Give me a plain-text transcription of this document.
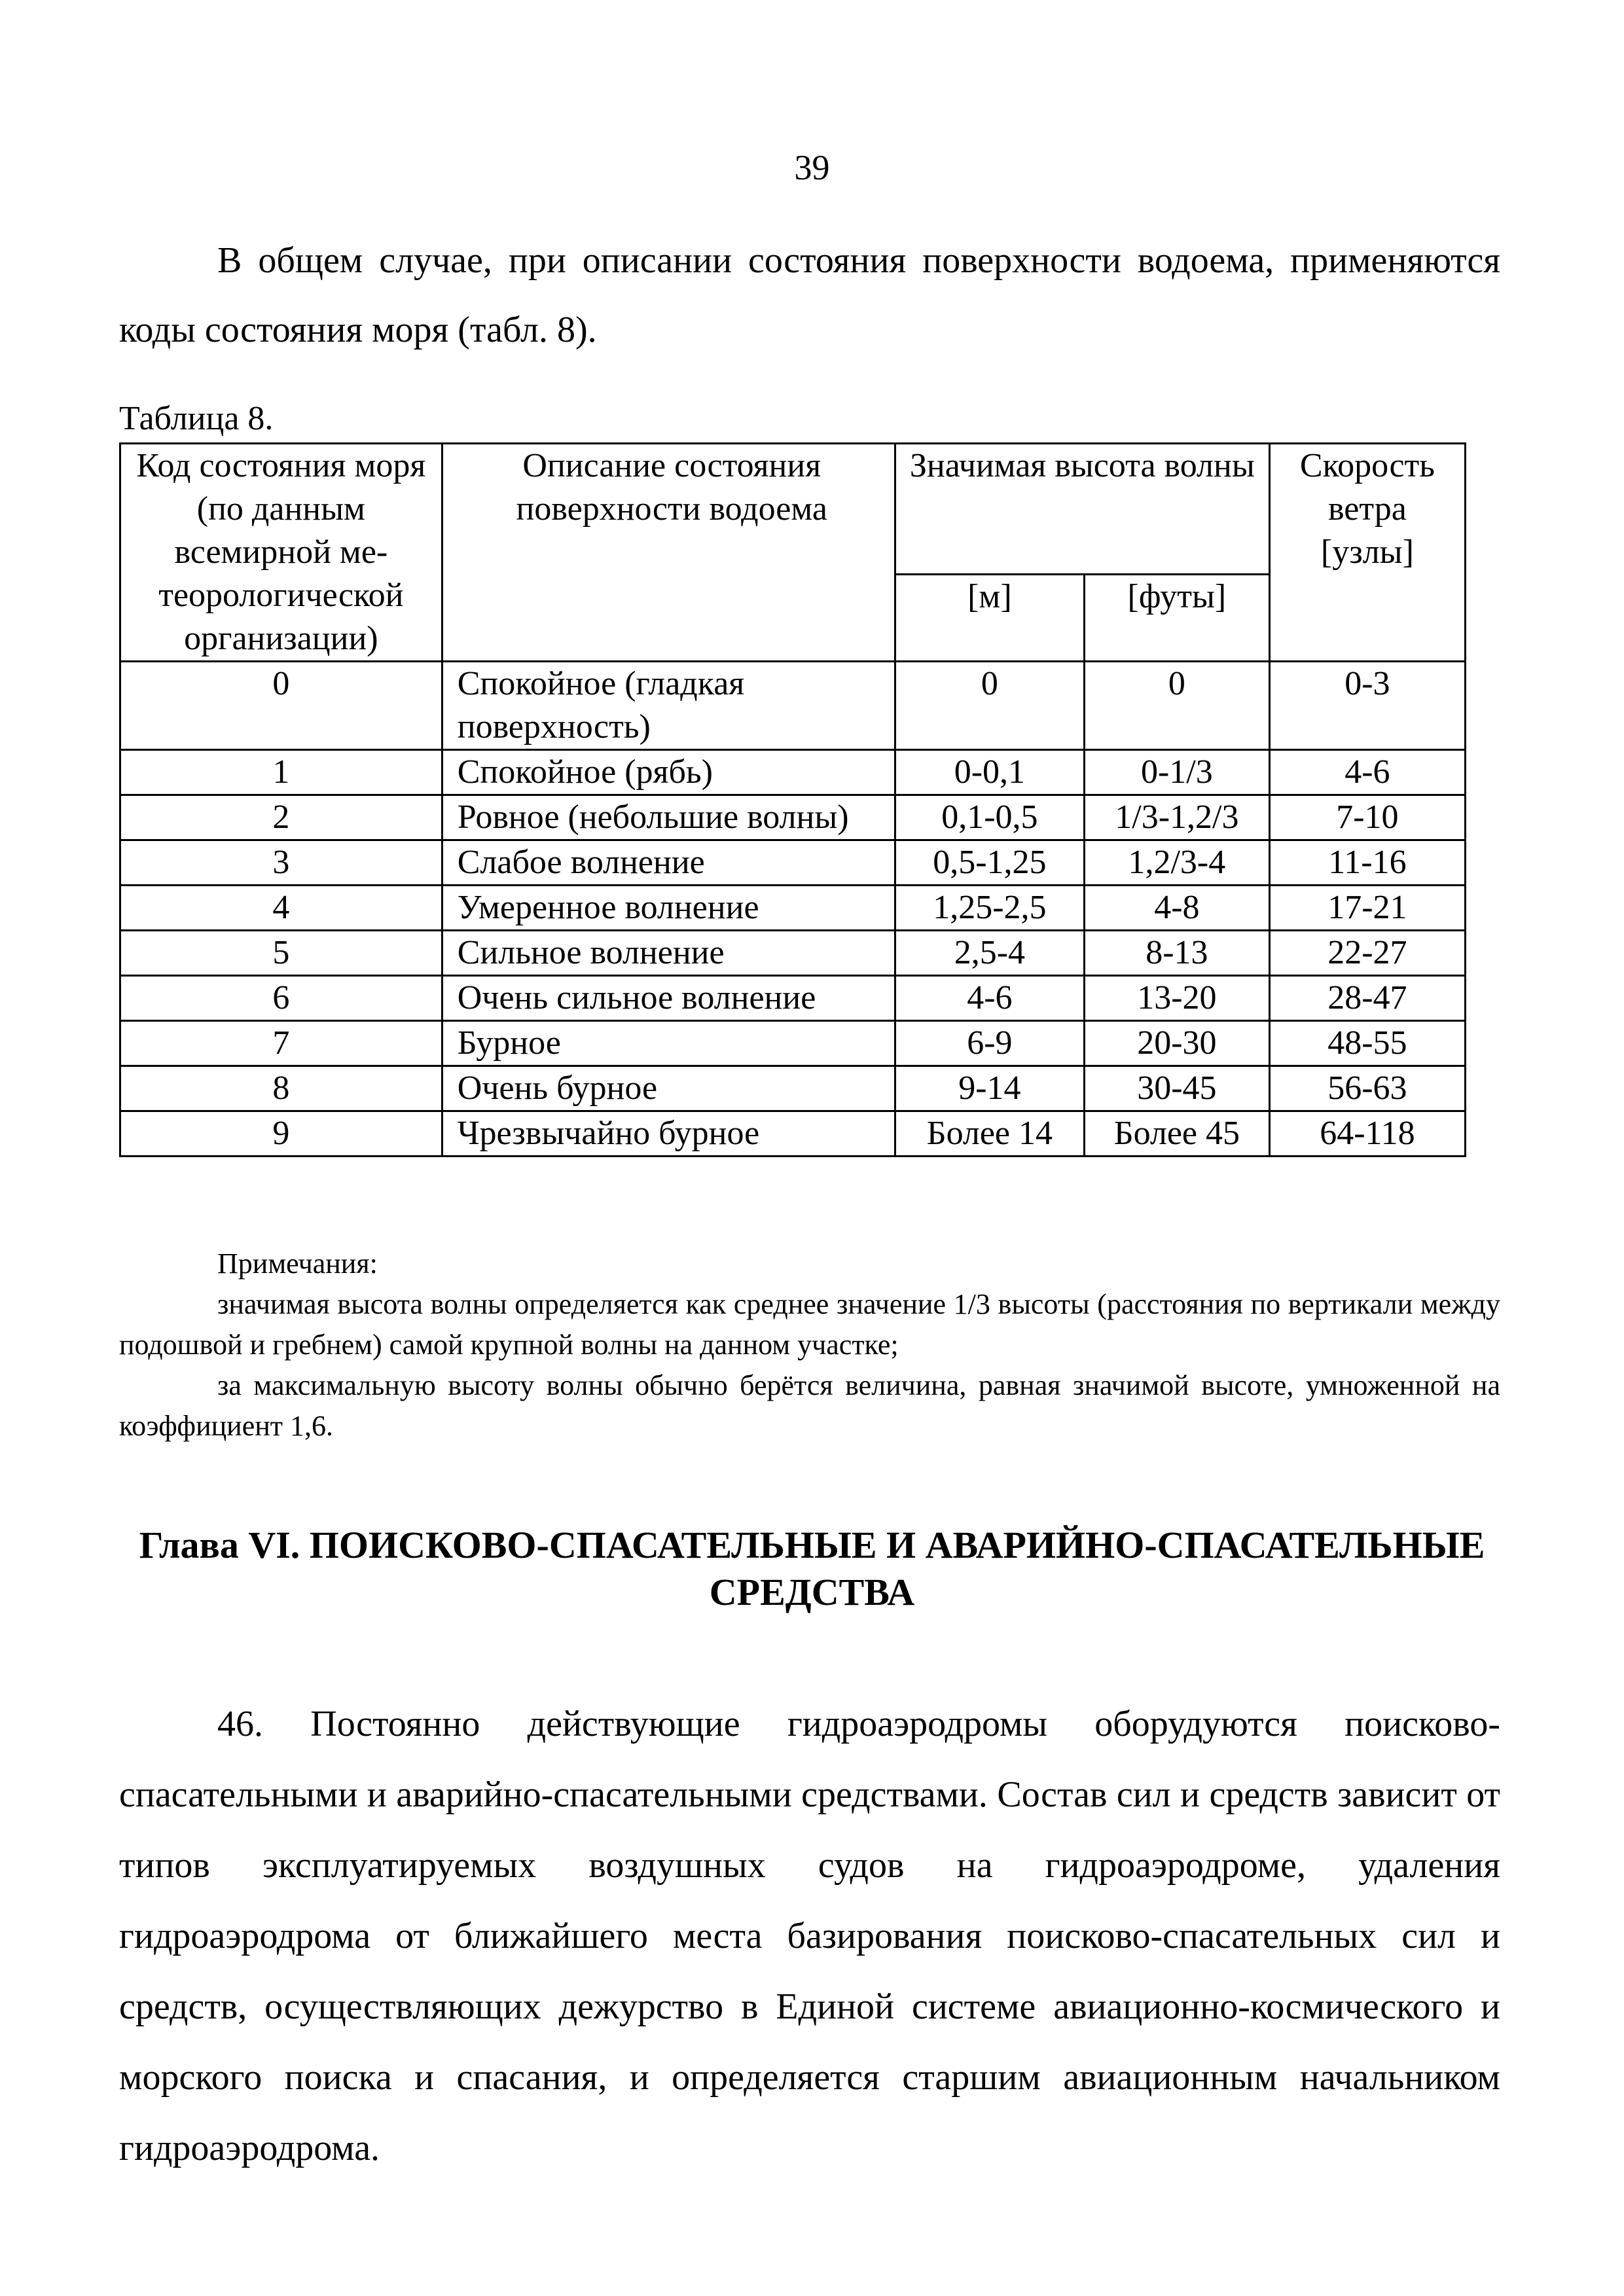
39

В общем случае, при описании состояния поверхности водоема, применяются коды состояния моря (табл. 8).

Таблица 8.
Код состояния моря (по данным всемирной ме-теорологической организации)	Описание состояния поверхности водоема	Значимая высота волны		Скорость ветра [узлы]
		[м]	[футы]	
0	Спокойное (гладкая поверхность)	0	0	0-3
1	Спокойное (рябь)	0-0,1	0-1/3	4-6
2	Ровное (небольшие волны)	0,1-0,5	1/3-1,2/3	7-10
3	Слабое волнение	0,5-1,25	1,2/3-4	11-16
4	Умеренное волнение	1,25-2,5	4-8	17-21
5	Сильное волнение	2,5-4	8-13	22-27
6	Очень сильное волнение	4-6	13-20	28-47
7	Бурное	6-9	20-30	48-55
8	Очень бурное	9-14	30-45	56-63
9	Чрезвычайно бурное	Более 14	Более 45	64-118

Примечания:

значимая высота волны определяется как среднее значение 1/3 высоты (расстояния по вертикали между подошвой и гребнем) самой крупной волны на данном участке;

за максимальную высоту волны обычно берётся величина, равная значимой высоте, умноженной на коэффициент 1,6.

Глава VI. ПОИСКОВО-СПАСАТЕЛЬНЫЕ И АВАРИЙНО-СПАСАТЕЛЬНЫЕ
СРЕДСТВА

46. Постоянно действующие гидроаэродромы оборудуются поисково-спасательными и аварийно-спасательными средствами. Состав сил и средств зависит от типов эксплуатируемых воздушных судов на гидроаэродроме, удаления гидроаэродрома от ближайшего места базирования поисково-спасательных сил и средств, осуществляющих дежурство в Единой системе авиационно-космического и морского поиска и спасания, и определяется старшим авиационным начальником гидроаэродрома.
